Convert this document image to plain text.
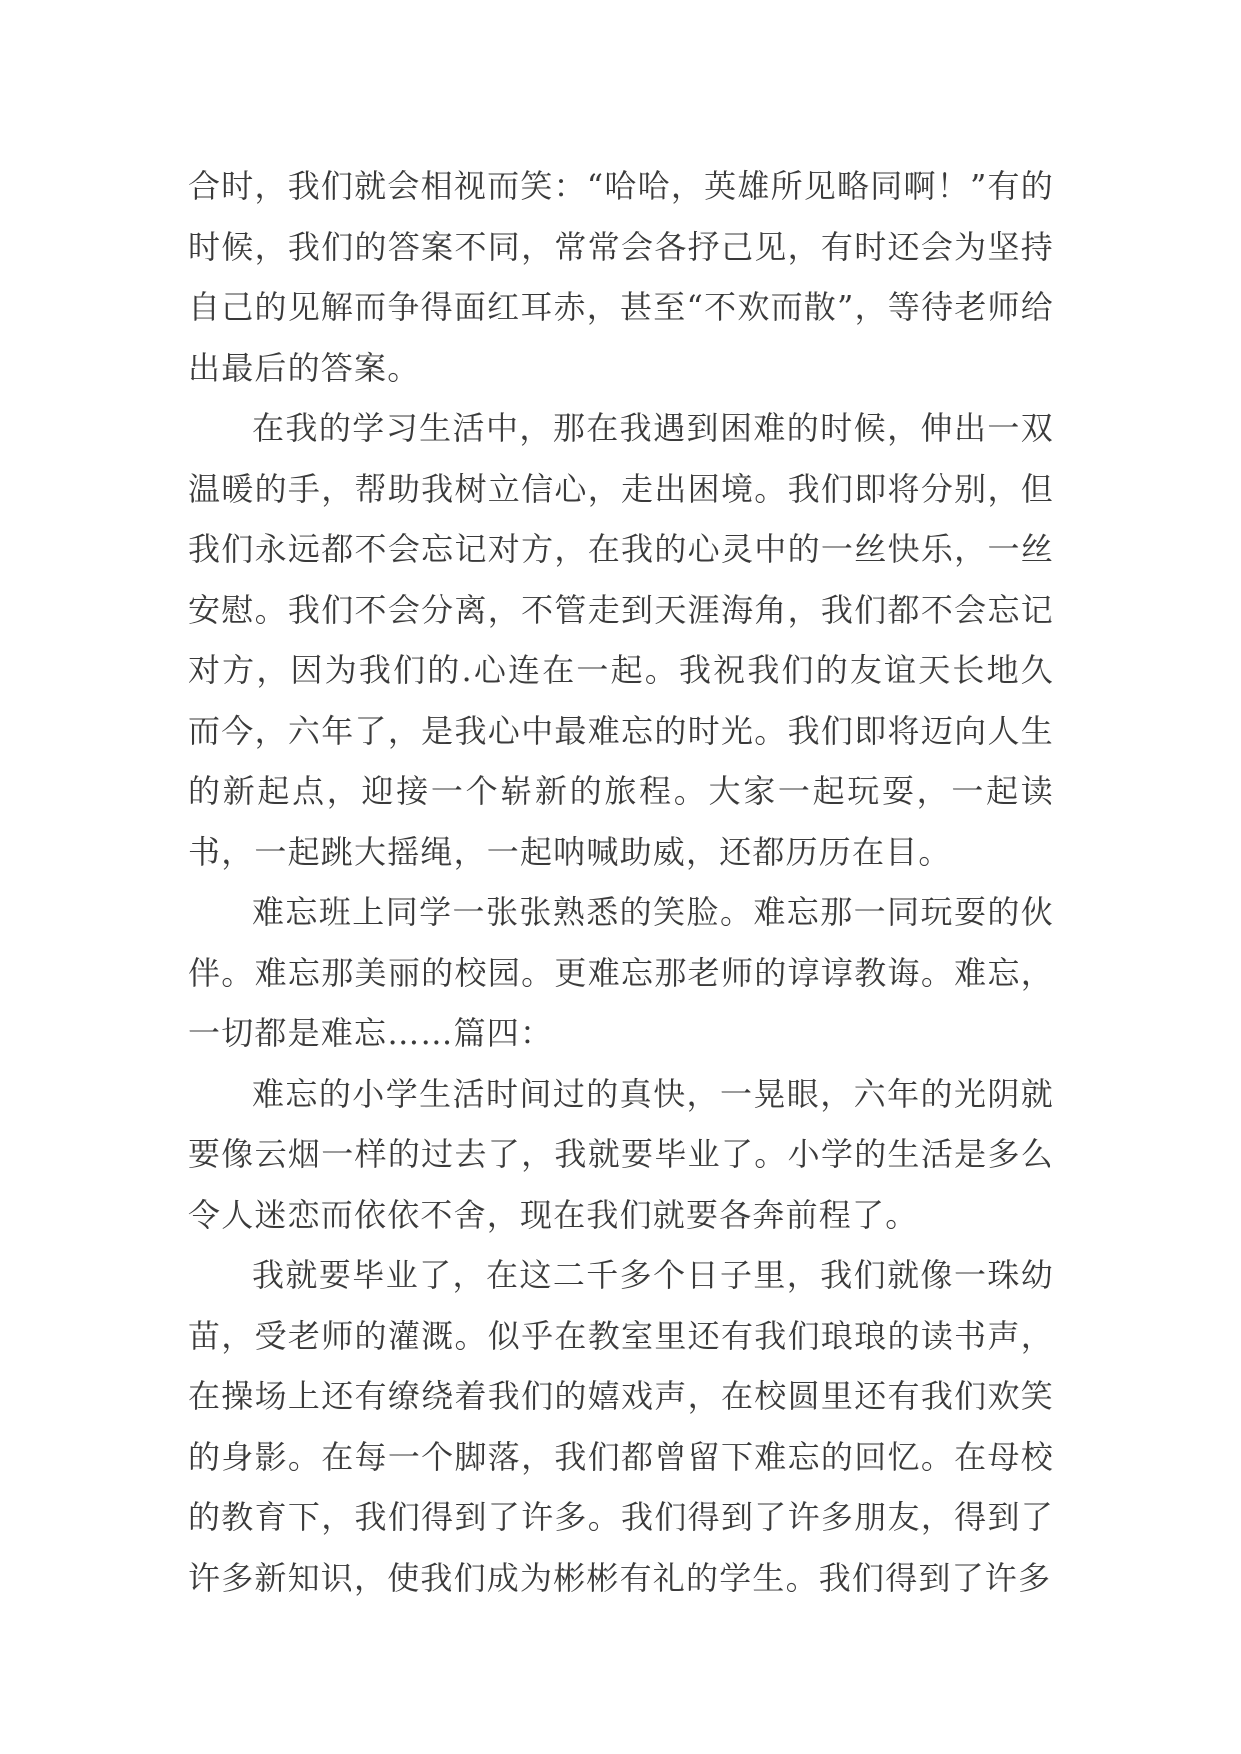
合时，我们就会相视而笑：“哈哈，英雄所见略同啊！”有的时候，我们的答案不同，常常会各抒己见，有时还会为坚持自己的见解而争得面红耳赤，甚至“不欢而散”，等待老师给出最后的答案。

在我的学习生活中，那在我遇到困难的时候，伸出一双温暖的手，帮助我树立信心，走出困境。我们即将分别，但我们永远都不会忘记对方，在我的心灵中的一丝快乐，一丝安慰。我们不会分离，不管走到天涯海角，我们都不会忘记对方，因为我们的.心连在一起。我祝我们的友谊天长地久而今，六年了，是我心中最难忘的时光。我们即将迈向人生的新起点，迎接一个崭新的旅程。大家一起玩耍，一起读书，一起跳大摇绳，一起呐喊助威，还都历历在目。

难忘班上同学一张张熟悉的笑脸。难忘那一同玩耍的伙伴。难忘那美丽的校园。更难忘那老师的谆谆教诲。难忘，一切都是难忘……篇四：

难忘的小学生活时间过的真快，一晃眼，六年的光阴就要像云烟一样的过去了，我就要毕业了。小学的生活是多么令人迷恋而依依不舍，现在我们就要各奔前程了。

我就要毕业了，在这二千多个日子里，我们就像一珠幼苗，受老师的灌溉。似乎在教室里还有我们琅琅的读书声，在操场上还有缭绕着我们的嬉戏声，在校圆里还有我们欢笑的身影。在每一个脚落，我们都曾留下难忘的回忆。在母校的教育下，我们得到了许多。我们得到了许多朋友，得到了许多新知识，使我们成为彬彬有礼的学生。我们得到了许多
